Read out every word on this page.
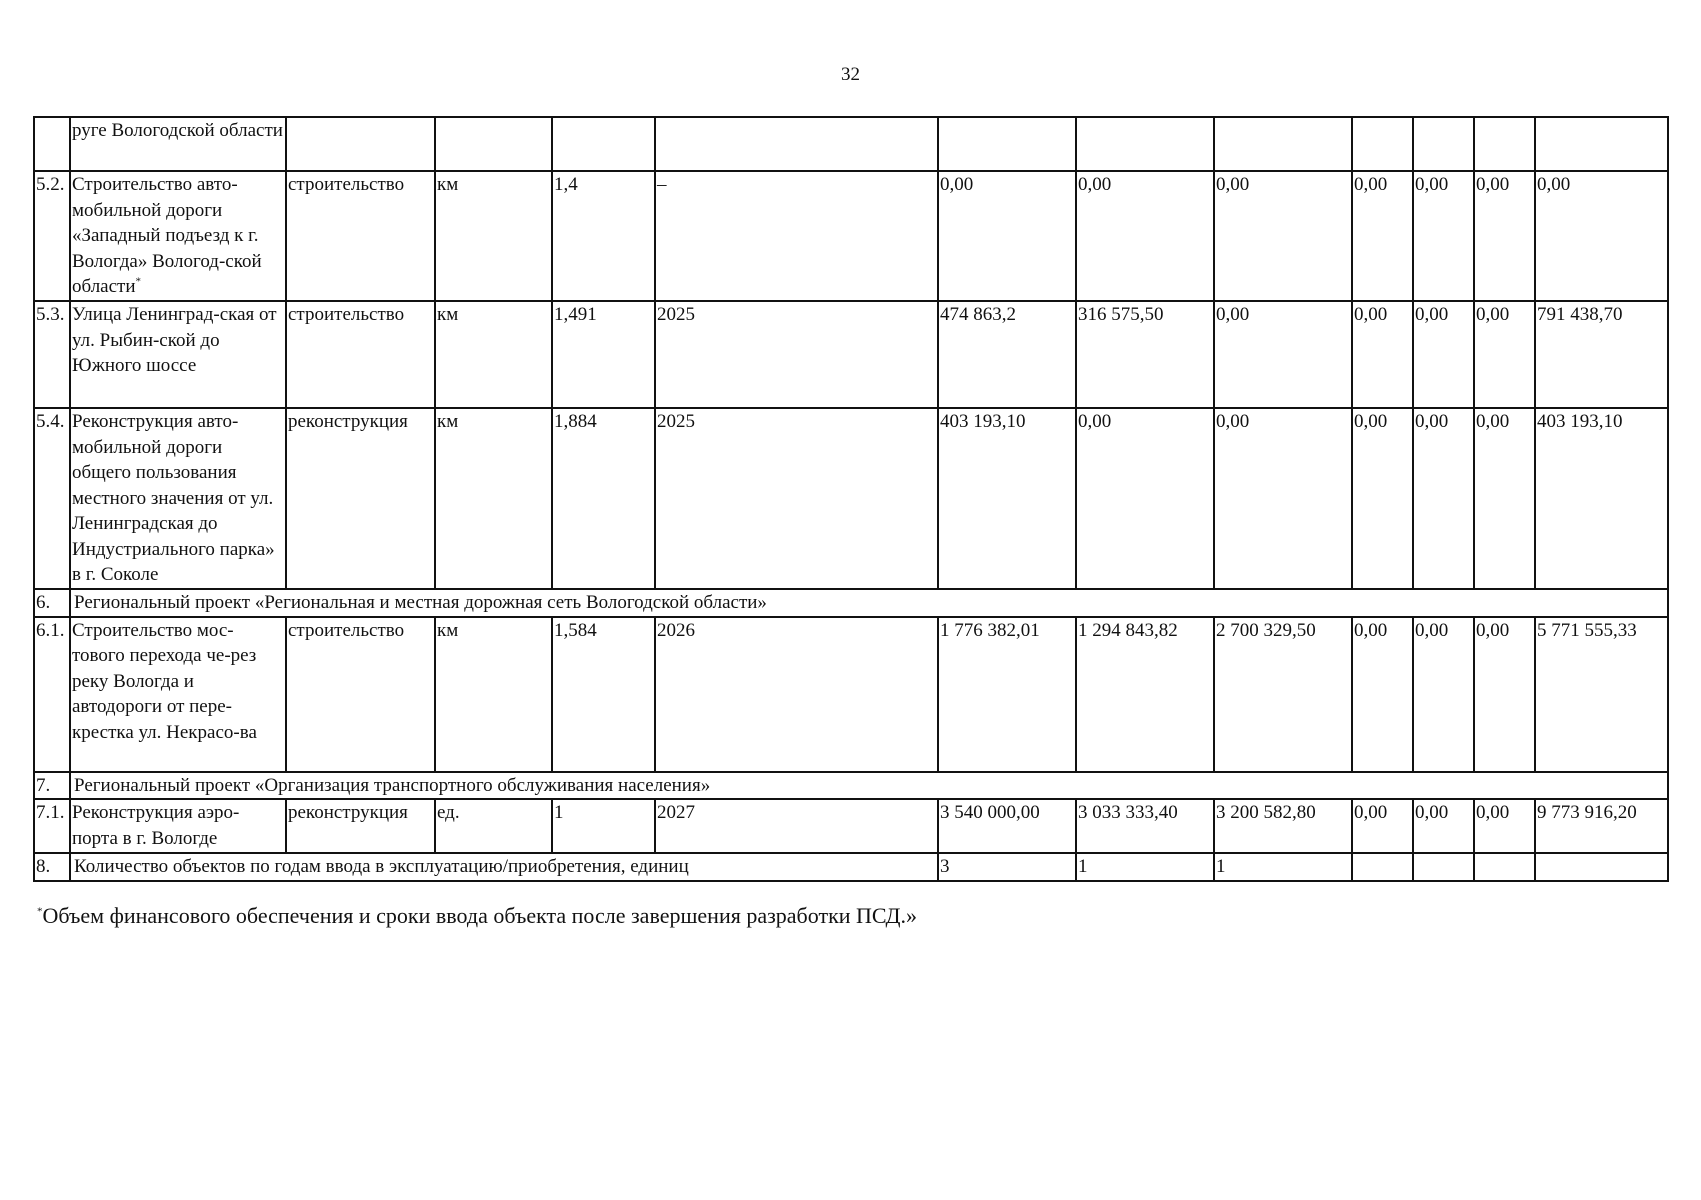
32
	руге Вологодской области											
5.2.	Строительство авто-мобильной дороги «Западный подъезд к г. Вологда» Вологод-ской области*	строительство	км	1,4	–	0,00	0,00	0,00	0,00	0,00	0,00	0,00
5.3.	Улица Ленинград-ская от ул. Рыбин-ской до Южного шоссе	строительство	км	1,491	2025	474 863,2	316 575,50	0,00	0,00	0,00	0,00	791 438,70
5.4.	Реконструкция авто-мобильной дороги общего пользования местного значения от ул. Ленинградская до Индустриального парка» в г. Соколе	реконструкция	км	1,884	2025	403 193,10	0,00	0,00	0,00	0,00	0,00	403 193,10
6.	Региональный проект «Региональная и местная дорожная сеть Вологодской области»											
6.1.	Строительство мос-тового перехода че-рез реку Вологда и автодороги от пере-крестка ул. Некрасо-ва	строительство	км	1,584	2026	1 776 382,01	1 294 843,82	2 700 329,50	0,00	0,00	0,00	5 771 555,33
7.	Региональный проект «Организация транспортного обслуживания населения»											
7.1.	Реконструкция аэро-порта в г. Вологде	реконструкция	ед.	1	2027	3 540 000,00	3 033 333,40	3 200 582,80	0,00	0,00	0,00	9 773 916,20
8.	Количество объектов по годам ввода в эксплуатацию/приобретения, единиц					3	1	1				
*Объем финансового обеспечения и сроки ввода объекта после завершения разработки ПСД.»
